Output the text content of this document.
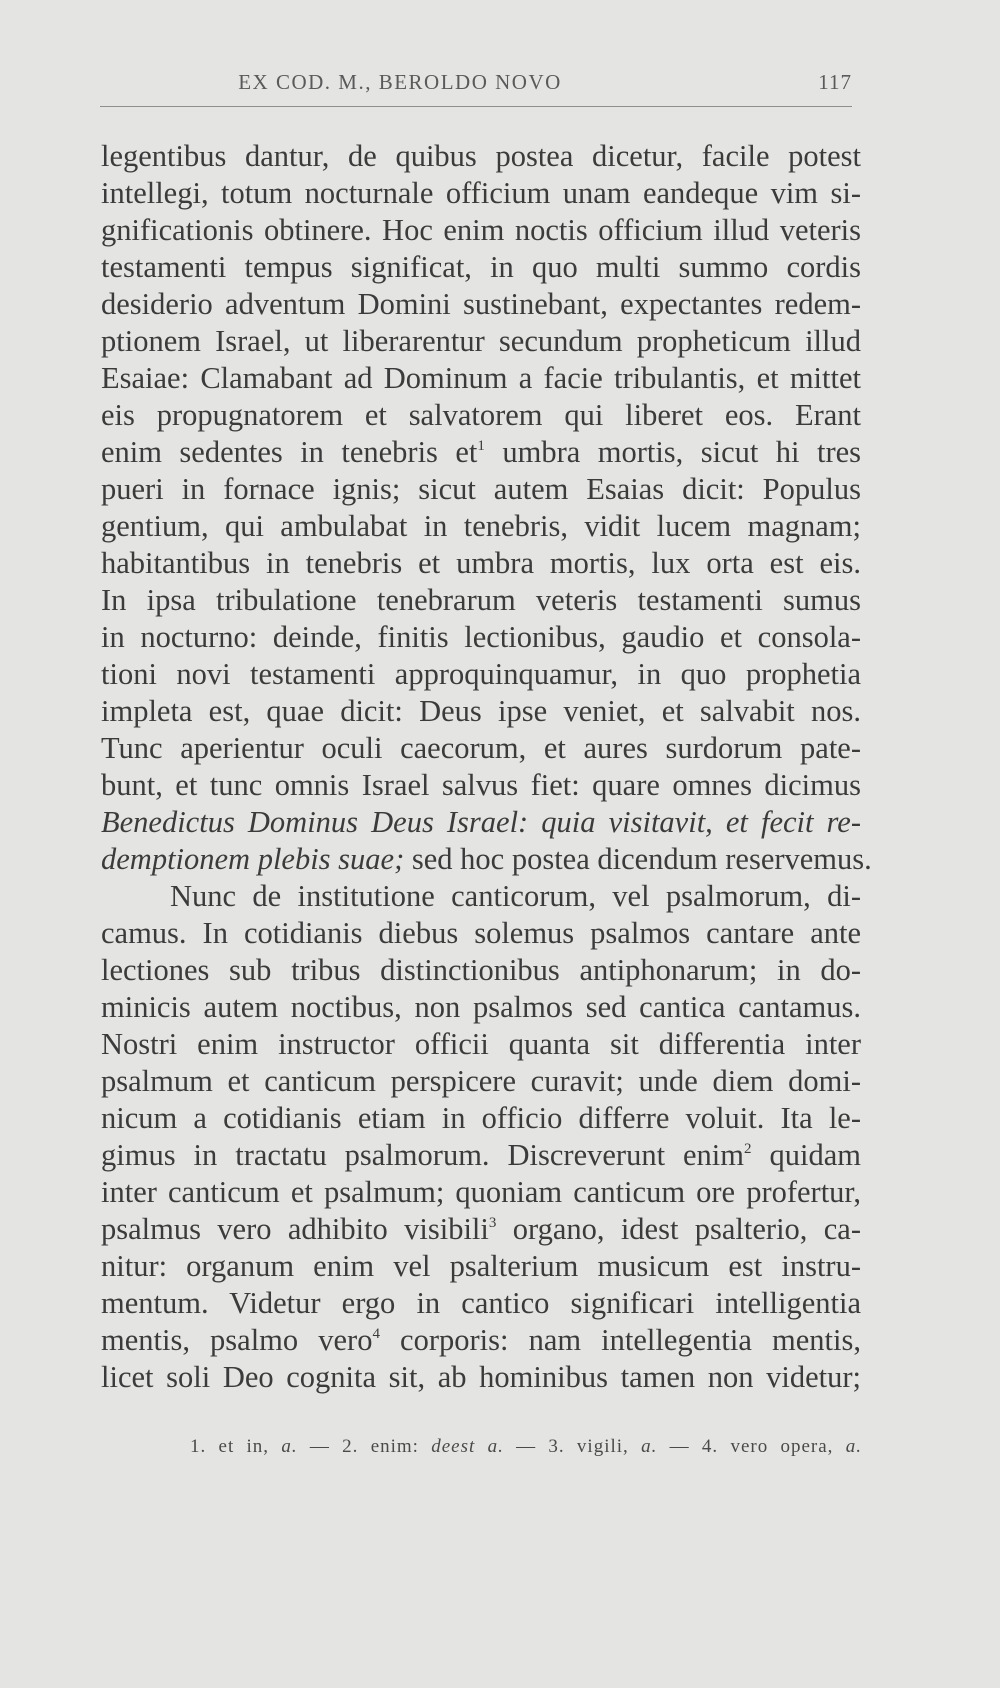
EX COD. M., BEROLDO NOVO	117
legentibus dantur, de quibus postea dicetur, facile potest
intellegi, totum nocturnale officium unam eandeque vim si-
gnificationis obtinere. Hoc enim noctis officium illud veteris
testamenti tempus significat, in quo multi summo cordis
desiderio adventum Domini sustinebant, expectantes redem-
ptionem Israel, ut liberarentur secundum propheticum illud
Esaiae: Clamabant ad Dominum a facie tribulantis, et mittet
eis propugnatorem et salvatorem qui liberet eos. Erant
enim sedentes in tenebris et$^1$ umbra mortis, sicut hi tres
pueri in fornace ignis; sicut autem Esaias dicit: Populus
gentium, qui ambulabat in tenebris, vidit lucem magnam;
habitantibus in tenebris et umbra mortis, lux orta est eis.
In ipsa tribulatione tenebrarum veteris testamenti sumus
in nocturno: deinde, finitis lectionibus, gaudio et consola-
tioni novi testamenti approquinquamur, in quo prophetia
impleta est, quae dicit: Deus ipse veniet, et salvabit nos.
Tunc aperientur oculi caecorum, et aures surdorum pate-
bunt, et tunc omnis Israel salvus fiet: quare omnes dicimus
Benedictus Dominus Deus Israel: quia visitavit, et fecit re-
demptionem plebis suae; sed hoc postea dicendum reservemus.
Nunc de institutione canticorum, vel psalmorum, di-
camus. In cotidianis diebus solemus psalmos cantare ante
lectiones sub tribus distinctionibus antiphonarum; in do-
minicis autem noctibus, non psalmos sed cantica cantamus.
Nostri enim instructor officii quanta sit differentia inter
psalmum et canticum perspicere curavit; unde diem domi-
nicum a cotidianis etiam in officio differre voluit. Ita le-
gimus in tractatu psalmorum. Discreverunt enim$^2$ quidam
inter canticum et psalmum; quoniam canticum ore profertur,
psalmus vero adhibito visibili$^3$ organo, idest psalterio, ca-
nitur: organum enim vel psalterium musicum est instru-
mentum. Videtur ergo in cantico significari intelligentia
mentis, psalmo vero$^4$ corporis: nam intellegentia mentis,
licet soli Deo cognita sit, ab hominibus tamen non videtur;
1. et in, a. — 2. enim: deest a. — 3. vigili, a. — 4. vero opera, a.
